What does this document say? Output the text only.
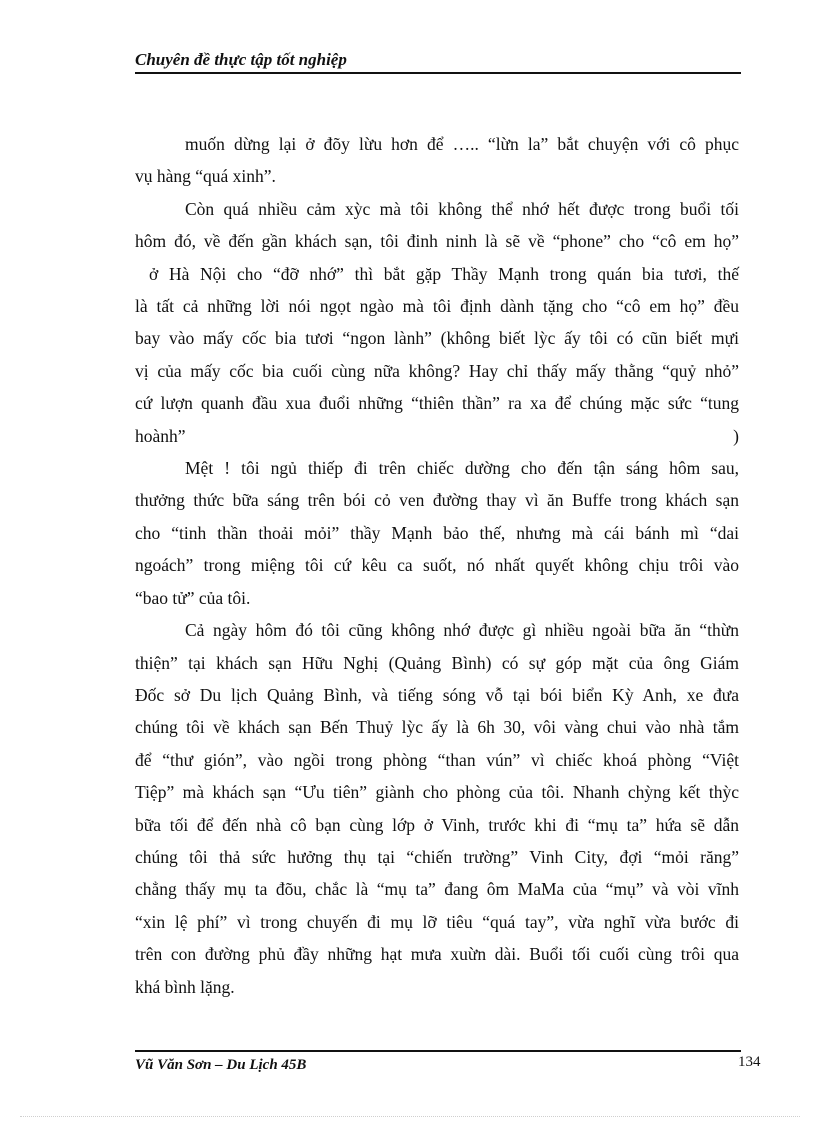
Chuyên đề thực tập tốt nghiệp
muốn dừng lại ở đõy lừu hơn để ….. “lừn la” bắt chuyện với cô phục
vụ hàng “quá xinh”.
Còn quá nhiều cảm xỳc mà tôi không thể nhớ hết được trong buổi tối
hôm đó, về đến gần khách sạn, tôi đinh ninh là sẽ về “phone” cho “cô em họ”
ở Hà Nội cho “đỡ nhớ” thì bắt gặp Thầy Mạnh trong quán bia tươi, thế
là tất cả những lời nói ngọt ngào mà tôi định dành tặng cho “cô em họ” đều
bay vào mấy cốc bia tươi “ngon lành” (không biết lỳc ấy tôi có cũn biết mựi
vị của mấy cốc bia cuối cùng nữa không? Hay chỉ thấy mấy thằng “quỷ nhỏ”
cứ lượn quanh đầu xua đuổi những “thiên thần” ra xa để chúng mặc sức “tung
hoành”	)
Mệt ! tôi ngủ thiếp đi trên chiếc dường cho đến tận sáng hôm sau,
thưởng thức bữa sáng trên bói cỏ ven đường thay vì ăn Buffe trong khách sạn
cho “tinh thần thoải mỏi” thầy Mạnh bảo thế, nhưng mà cái bánh mì “dai
ngoách” trong miệng tôi cứ kêu ca suốt, nó nhất quyết không chịu trôi vào
“bao tử” của tôi.
Cả ngày hôm đó tôi cũng không nhớ được gì nhiều ngoài bữa ăn “thừn
thiện” tại khách sạn Hữu Nghị (Quảng Bình) có sự góp mặt của ông Giám
Đốc sở Du lịch Quảng Bình, và tiếng sóng vỗ tại bói biển Kỳ Anh, xe đưa
chúng tôi về khách sạn Bến Thuỷ lỳc ấy là 6h 30, vôi vàng chui vào nhà tắm
để “thư gión”, vào ngồi trong phòng “than vún” vì chiếc khoá phòng “Việt
Tiệp” mà khách sạn “Ưu tiên” giành cho phòng của tôi. Nhanh chỳng kết thỳc
bữa tối để đến nhà cô bạn cùng lớp ở Vinh, trước khi đi “mụ ta” hứa sẽ dẫn
chúng tôi thả sức hưởng thụ tại “chiến trường” Vinh City, đợi “mỏi răng”
chẳng thấy mụ ta đõu, chắc là “mụ ta” đang ôm MaMa của “mụ” và vòi vĩnh
“xin lệ phí” vì trong chuyến đi mụ lỡ tiêu “quá tay”, vừa nghĩ vừa bước đi
trên con đường phủ đầy những hạt mưa xuừn dài. Buổi tối cuối cùng trôi qua
khá bình lặng.
Vũ Văn Sơn – Du Lịch 45B	134
